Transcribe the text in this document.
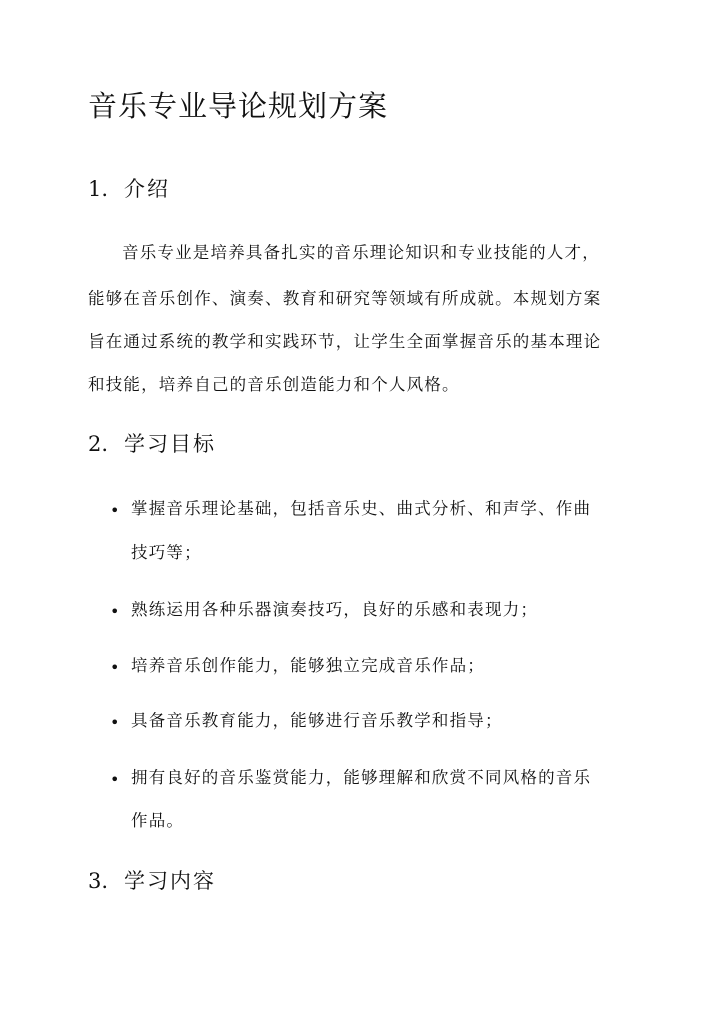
音乐专业导论规划方案
1. 介绍

音乐专业是培养具备扎实的音乐理论知识和专业技能的人才，

能够在音乐创作、演奏、教育和研究等领域有所成就。本规划方案

旨在通过系统的教学和实践环节，让学生全面掌握音乐的基本理论

和技能，培养自己的音乐创造能力和个人风格。

2. 学习目标
• 掌握音乐理论基础，包括音乐史、曲式分析、和声学、作曲

技巧等；

• 熟练运用各种乐器演奏技巧，良好的乐感和表现力；

• 培养音乐创作能力，能够独立完成音乐作品；

• 具备音乐教育能力，能够进行音乐教学和指导；

• 拥有良好的音乐鉴赏能力，能够理解和欣赏不同风格的音乐

作品。

3. 学习内容
